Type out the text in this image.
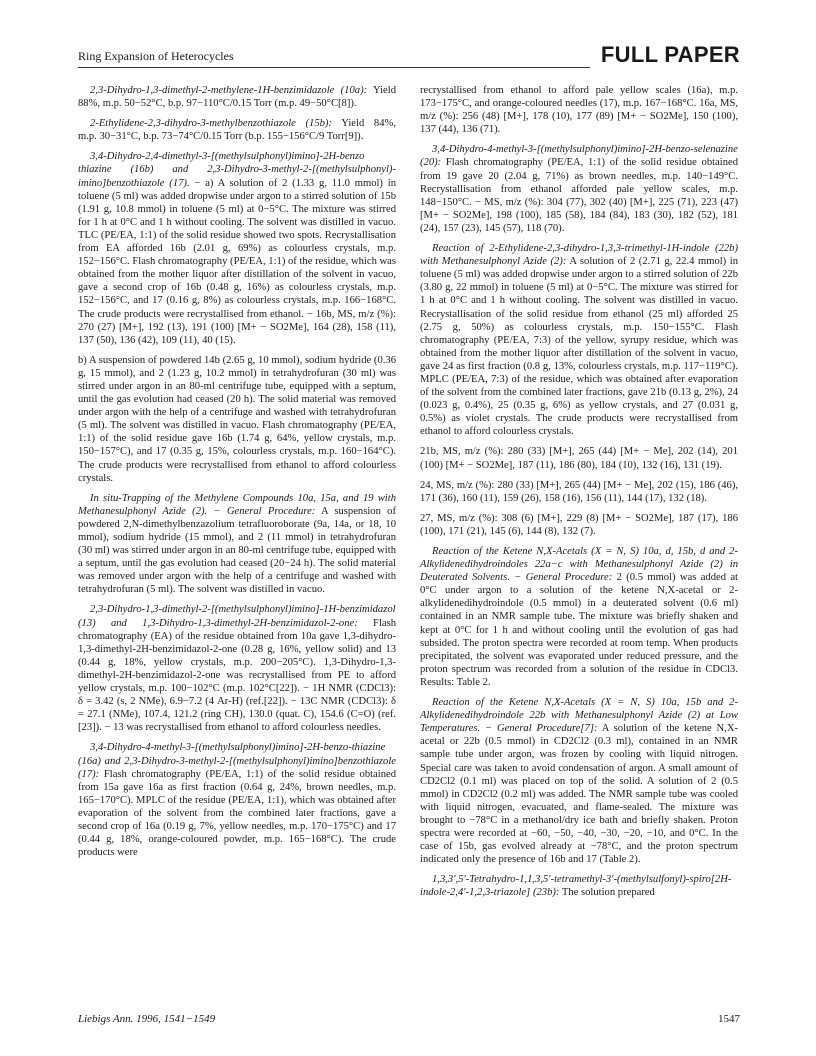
Ring Expansion of Heterocycles	FULL PAPER

2,3-Dihydro-1,3-dimethyl-2-methylene-1H-benzimidazole (10a): Yield 88%, m.p. 50−52°C, b.p. 97−110°C/0.15 Torr (m.p. 49−50°C[8]).

2-Ethylidene-2,3-dihydro-3-methylbenzothiazole (15b): Yield 84%, m.p. 30−31°C, b.p. 73−74°C/0.15 Torr (b.p. 155−156°C/9 Torr[9]).

3,4-Dihydro-2,4-dimethyl-3-[(methylsulphonyl)imino]-2H-benzo thiazine (16b) and 2,3-Dihydro-3-methyl-2-[(methylsulphonyl)-imino]benzothiazole (17). − a) A solution of 2 (1.33 g, 11.0 mmol) in toluene (5 ml) was added dropwise under argon to a stirred solution of 15b (1.91 g, 10.8 mmol) in toluene (5 ml) at 0−5°C. The mixture was stirred for 1 h at 0°C and 1 h without cooling. The solvent was distilled in vacuo. TLC (PE/EA, 1:1) of the solid residue showed two spots. Recrystallisation from EA afforded 16b (2.01 g, 69%) as colourless crystals, m.p. 152−156°C. Flash chromatography (PE/EA, 1:1) of the residue, which was obtained from the mother liquor after distillation of the solvent in vacuo, gave a second crop of 16b (0.48 g, 16%) as colourless crystals, m.p. 152−156°C, and 17 (0.16 g, 8%) as colourless crystals, m.p. 166−168°C. The crude products were recrystallised from ethanol. − 16b, MS, m/z (%): 270 (27) [M+], 192 (13), 191 (100) [M+ − SO2Me], 164 (28), 158 (11), 137 (50), 136 (42), 109 (11), 40 (15).

b) A suspension of powdered 14b (2.65 g, 10 mmol), sodium hydride (0.36 g, 15 mmol), and 2 (1.23 g, 10.2 mmol) in tetrahydrofuran (30 ml) was stirred under argon in an 80-ml centrifuge tube, equipped with a septum, until the gas evolution had ceased (20 h). The solid material was removed under argon with the help of a centrifuge and washed with tetrahydrofuran (5 ml). The solvent was distilled in vacuo. Flash chromatography (PE/EA, 1:1) of the solid residue gave 16b (1.74 g, 64%, yellow crystals, m.p. 150−157°C), and 17 (0.35 g, 15%, colourless crystals, m.p. 160−164°C). The crude products were recrystallised from ethanol to afford colourless crystals.

In situ-Trapping of the Methylene Compounds 10a, 15a, and 19 with Methanesulphonyl Azide (2). − General Procedure: A suspension of powdered 2,N-dimethylbenzazolium tetrafluoroborate (9a, 14a, or 18, 10 mmol), sodium hydride (15 mmol), and 2 (11 mmol) in tetrahydrofuran (30 ml) was stirred under argon in an 80-ml centrifuge tube, equipped with a septum, until the gas evolution had ceased (20−24 h). The solid material was removed under argon with the help of a centrifuge and washed with tetrahydrofuran (5 ml). The solvent was distilled in vacuo.

2,3-Dihydro-1,3-dimethyl-2-[(methylsulphonyl)imino]-1H-benzimidazol (13) and 1,3-Dihydro-1,3-dimethyl-2H-benzimidazol-2-one: Flash chromatography (EA) of the residue obtained from 10a gave 1,3-dihydro-1,3-dimethyl-2H-benzimidazol-2-one (0.28 g, 16%, yellow solid) and 13 (0.44 g, 18%, yellow crystals, m.p. 200−205°C). 1,3-Dihydro-1,3-dimethyl-2H-benzimidazol-2-one was recrystallised from PE to afford yellow crystals, m.p. 100−102°C (m.p. 102°C[22]). − 1H NMR (CDCl3): δ = 3.42 (s, 2 NMe), 6.9−7.2 (4 Ar-H) (ref.[22]). − 13C NMR (CDCl3): δ = 27.1 (NMe), 107.4, 121.2 (ring CH), 130.0 (quat. C), 154.6 (C=O) (ref.[23]). − 13 was recrystallised from ethanol to afford colourless needles.

3,4-Dihydro-4-methyl-3-[(methylsulphonyl)imino]-2H-benzo-thiazine (16a) and 2,3-Dihydro-3-methyl-2-[(methylsulphonyl)imino]benzothiazole (17): Flash chromatography (PE/EA, 1:1) of the solid residue obtained from 15a gave 16a as first fraction (0.64 g, 24%, brown needles, m.p. 165−170°C). MPLC of the residue (PE/EA, 1:1), which was obtained after evaporation of the solvent from the combined later fractions, gave a second crop of 16a (0.19 g, 7%, yellow needles, m.p. 170−175°C) and 17 (0.44 g, 18%, orange-coloured powder, m.p. 165−168°C). The crude products were

recrystallised from ethanol to afford pale yellow scales (16a), m.p. 173−175°C, and orange-coloured needles (17), m.p. 167−168°C. 16a, MS, m/z (%): 256 (48) [M+], 178 (10), 177 (89) [M+ − SO2Me], 150 (100), 137 (44), 136 (71).

3,4-Dihydro-4-methyl-3-[(methylsulphonyl)imino]-2H-benzo-selenazine (20): Flash chromatography (PE/EA, 1:1) of the solid residue obtained from 19 gave 20 (2.04 g, 71%) as brown needles, m.p. 140−149°C. Recrystallisation from ethanol afforded pale yellow scales, m.p. 148−150°C. − MS, m/z (%): 304 (77), 302 (40) [M+], 225 (71), 223 (47) [M+ − SO2Me], 198 (100), 185 (58), 184 (84), 183 (30), 182 (52), 181 (24), 157 (23), 145 (57), 118 (70).

Reaction of 2-Ethylidene-2,3-dihydro-1,3,3-trimethyl-1H-indole (22b) with Methanesulphonyl Azide (2): A solution of 2 (2.71 g, 22.4 mmol) in toluene (5 ml) was added dropwise under argon to a stirred solution of 22b (3.80 g, 22 mmol) in toluene (5 ml) at 0−5°C. The mixture was stirred for 1 h at 0°C and 1 h without cooling. The solvent was distilled in vacuo. Recrystallisation of the solid residue from ethanol (25 ml) afforded 25 (2.75 g, 50%) as colourless crystals, m.p. 150−155°C. Flash chromatography (PE/EA, 7:3) of the yellow, syrupy residue, which was obtained from the mother liquor after distillation of the solvent in vacuo, gave 24 as first fraction (0.8 g, 13%, colourless crystals, m.p. 117−119°C). MPLC (PE/EA, 7:3) of the residue, which was obtained after evaporation of the solvent from the combined later fractions, gave 21b (0.13 g, 2%), 24 (0.023 g, 0.4%), 25 (0.35 g, 6%) as yellow crystals, and 27 (0.031 g, 0.5%) as violet crystals. The crude products were recrystallised from ethanol to afford colourless crystals.

21b, MS, m/z (%): 280 (33) [M+], 265 (44) [M+ − Me], 202 (14), 201 (100) [M+ − SO2Me], 187 (11), 186 (80), 184 (10), 132 (16), 131 (19).

24, MS, m/z (%): 280 (33) [M+], 265 (44) [M+ − Me], 202 (15), 186 (46), 171 (36), 160 (11), 159 (26), 158 (16), 156 (11), 144 (17), 132 (18).

27, MS, m/z (%): 308 (6) [M+], 229 (8) [M+ − SO2Me], 187 (17), 186 (100), 171 (21), 145 (6), 144 (8), 132 (7).

Reaction of the Ketene N,X-Acetals (X = N, S) 10a, d, 15b, d and 2-Alkylidenedihydroindoles 22a−c with Methanesulphonyl Azide (2) in Deuterated Solvents. − General Procedure: 2 (0.5 mmol) was added at 0°C under argon to a solution of the ketene N,X-acetal or 2-alkylidenedihydroindole (0.5 mmol) in a deuterated solvent (0.6 ml) contained in an NMR sample tube. The mixture was briefly shaken and kept at 0°C for 1 h and without cooling until the evolution of gas had subsided. The proton spectra were recorded at room temp. When products precipitated, the solvent was evaporated under reduced pressure, and the proton spectrum was recorded from a solution of the residue in CDCl3. Results: Table 2.

Reaction of the Ketene N,X-Acetals (X = N, S) 10a, 15b and 2-Alkylidenedihydroindole 22b with Methanesulphonyl Azide (2) at Low Temperatures. − General Procedure[7]: A solution of the ketene N,X-acetal or 22b (0.5 mmol) in CD2Cl2 (0.3 ml), contained in an NMR sample tube under argon, was frozen by cooling with liquid nitrogen. Special care was taken to avoid condensation of argon. A small amount of CD2Cl2 (0.1 ml) was placed on top of the solid. A solution of 2 (0.5 mmol) in CD2Cl2 (0.2 ml) was added. The NMR sample tube was cooled with liquid nitrogen, evacuated, and flame-sealed. The mixture was brought to −78°C in a methanol/dry ice bath and briefly shaken. Proton spectra were recorded at −60, −50, −40, −30, −20, −10, and 0°C. In the case of 15b, gas evolved already at −78°C, and the proton spectrum indicated only the presence of 16b and 17 (Table 2).

1,3,3′,5′-Tetrahydro-1,1,3,5′-tetramethyl-3′-(methylsulfonyl)-spiro[2H-indole-2,4′-1,2,3-triazole] (23b): The solution prepared

Liebigs Ann. 1996, 1541−1549	1547
